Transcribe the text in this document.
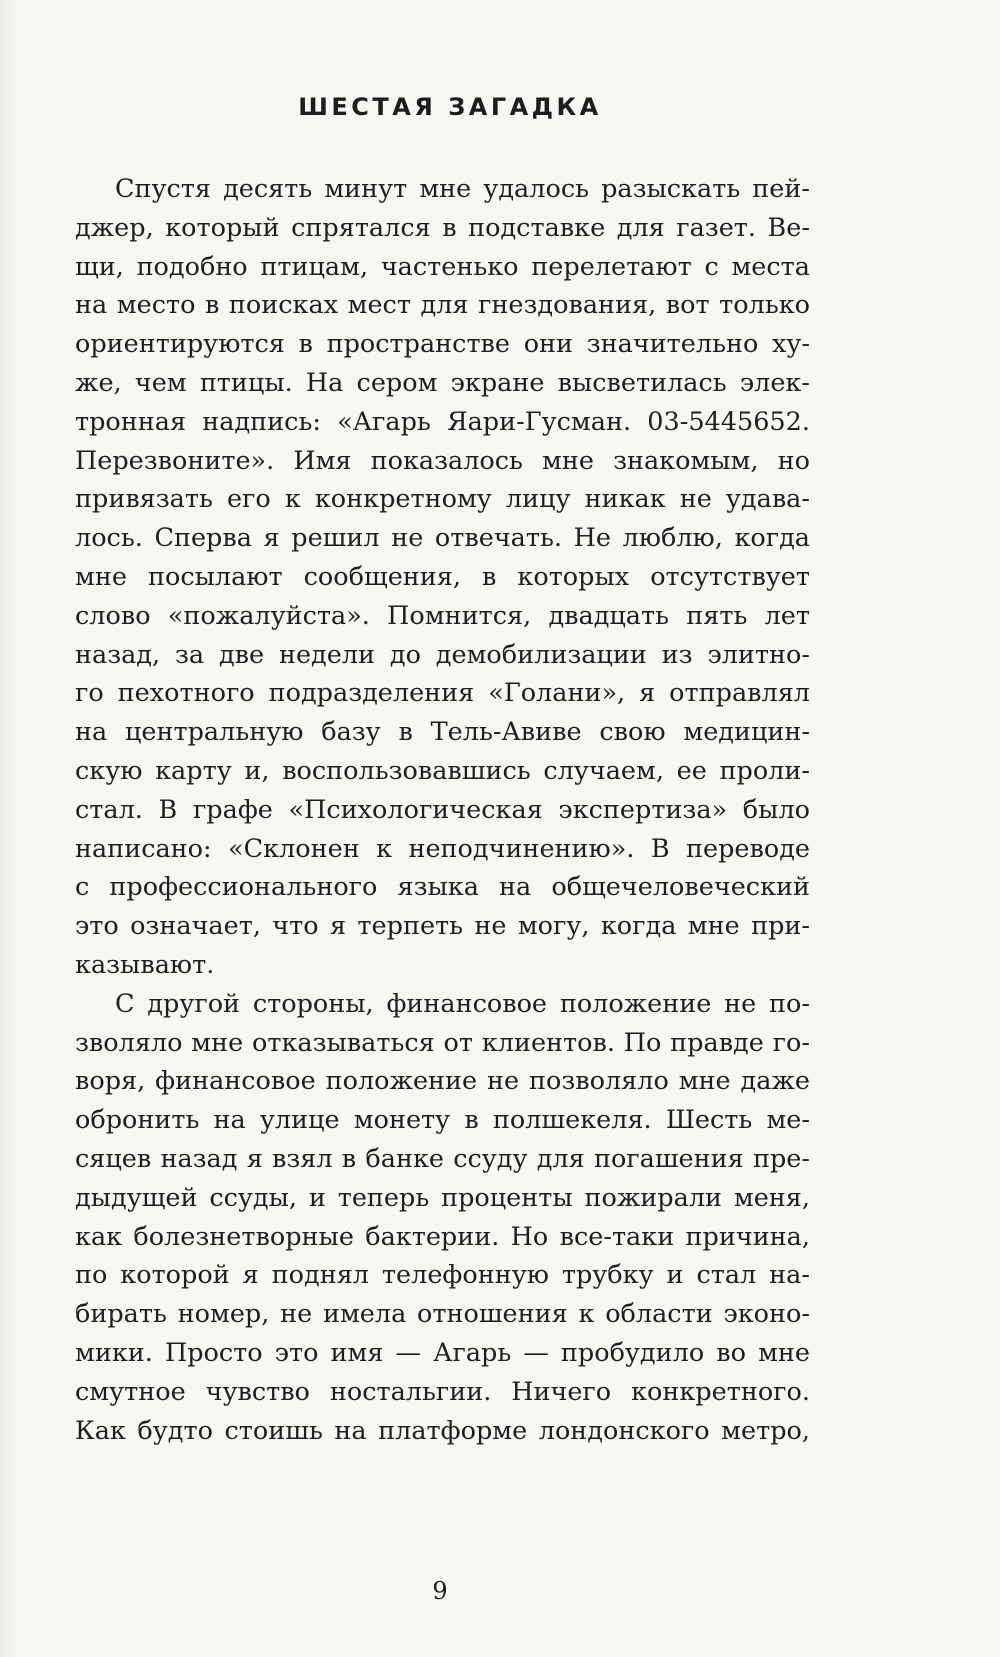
ШЕСТАЯ ЗАГАДКА
Спустя десять минут мне удалось разыскать пей-
джер, который спрятался в подставке для газет. Ве-
щи, подобно птицам, частенько перелетают с места
на место в поисках мест для гнездования, вот только
ориентируются в пространстве они значительно ху-
же, чем птицы. На сером экране высветилась элек-
тронная надпись: «Агарь Яари-Гусман. 03-5445652.
Перезвоните». Имя показалось мне знакомым, но
привязать его к конкретному лицу никак не удава-
лось. Сперва я решил не отвечать. Не люблю, когда
мне посылают сообщения, в которых отсутствует
слово «пожалуйста». Помнится, двадцать пять лет
назад, за две недели до демобилизации из элитно-
го пехотного подразделения «Голани», я отправлял
на центральную базу в Тель-Авиве свою медицин-
скую карту и, воспользовавшись случаем, ее проли-
стал. В графе «Психологическая экспертиза» было
написано: «Склонен к неподчинению». В переводе
с профессионального языка на общечеловеческий
это означает, что я терпеть не могу, когда мне при-
казывают.
С другой стороны, финансовое положение не по-
зволяло мне отказываться от клиентов. По правде го-
воря, финансовое положение не позволяло мне даже
обронить на улице монету в полшекеля. Шесть ме-
сяцев назад я взял в банке ссуду для погашения пре-
дыдущей ссуды, и теперь проценты пожирали меня,
как болезнетворные бактерии. Но все-таки причина,
по которой я поднял телефонную трубку и стал на-
бирать номер, не имела отношения к области эконо-
мики. Просто это имя — Агарь — пробудило во мне
смутное чувство ностальгии. Ничего конкретного.
Как будто стоишь на платформе лондонского метро,
9
